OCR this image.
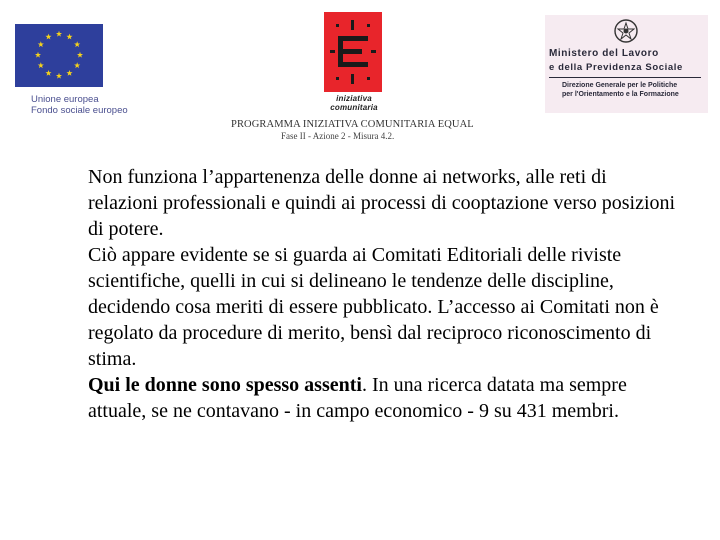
Unione europea
Fondo sociale europeo
iniziativa
comunitaria
PROGRAMMA INIZIATIVA COMUNITARIA EQUAL
Fase II - Azione 2 - Misura 4.2.
Ministero del Lavoro
e della Previdenza Sociale
Direzione Generale per le Politiche
per l'Orientamento e la Formazione

Non funziona l’appartenenza delle donne ai networks, alle reti di relazioni professionali e quindi ai processi di cooptazione verso posizioni di potere.

Ciò appare evidente se si guarda ai Comitati Editoriali delle riviste scientifiche, quelli in cui si delineano le tendenze delle discipline, decidendo cosa meriti di essere pubblicato. L’accesso ai Comitati non è regolato da procedure di merito, bensì dal reciproco riconoscimento di stima.

Qui le donne sono spesso assenti. In una ricerca datata ma sempre attuale, se ne contavano - in campo economico - 9 su 431 membri.
